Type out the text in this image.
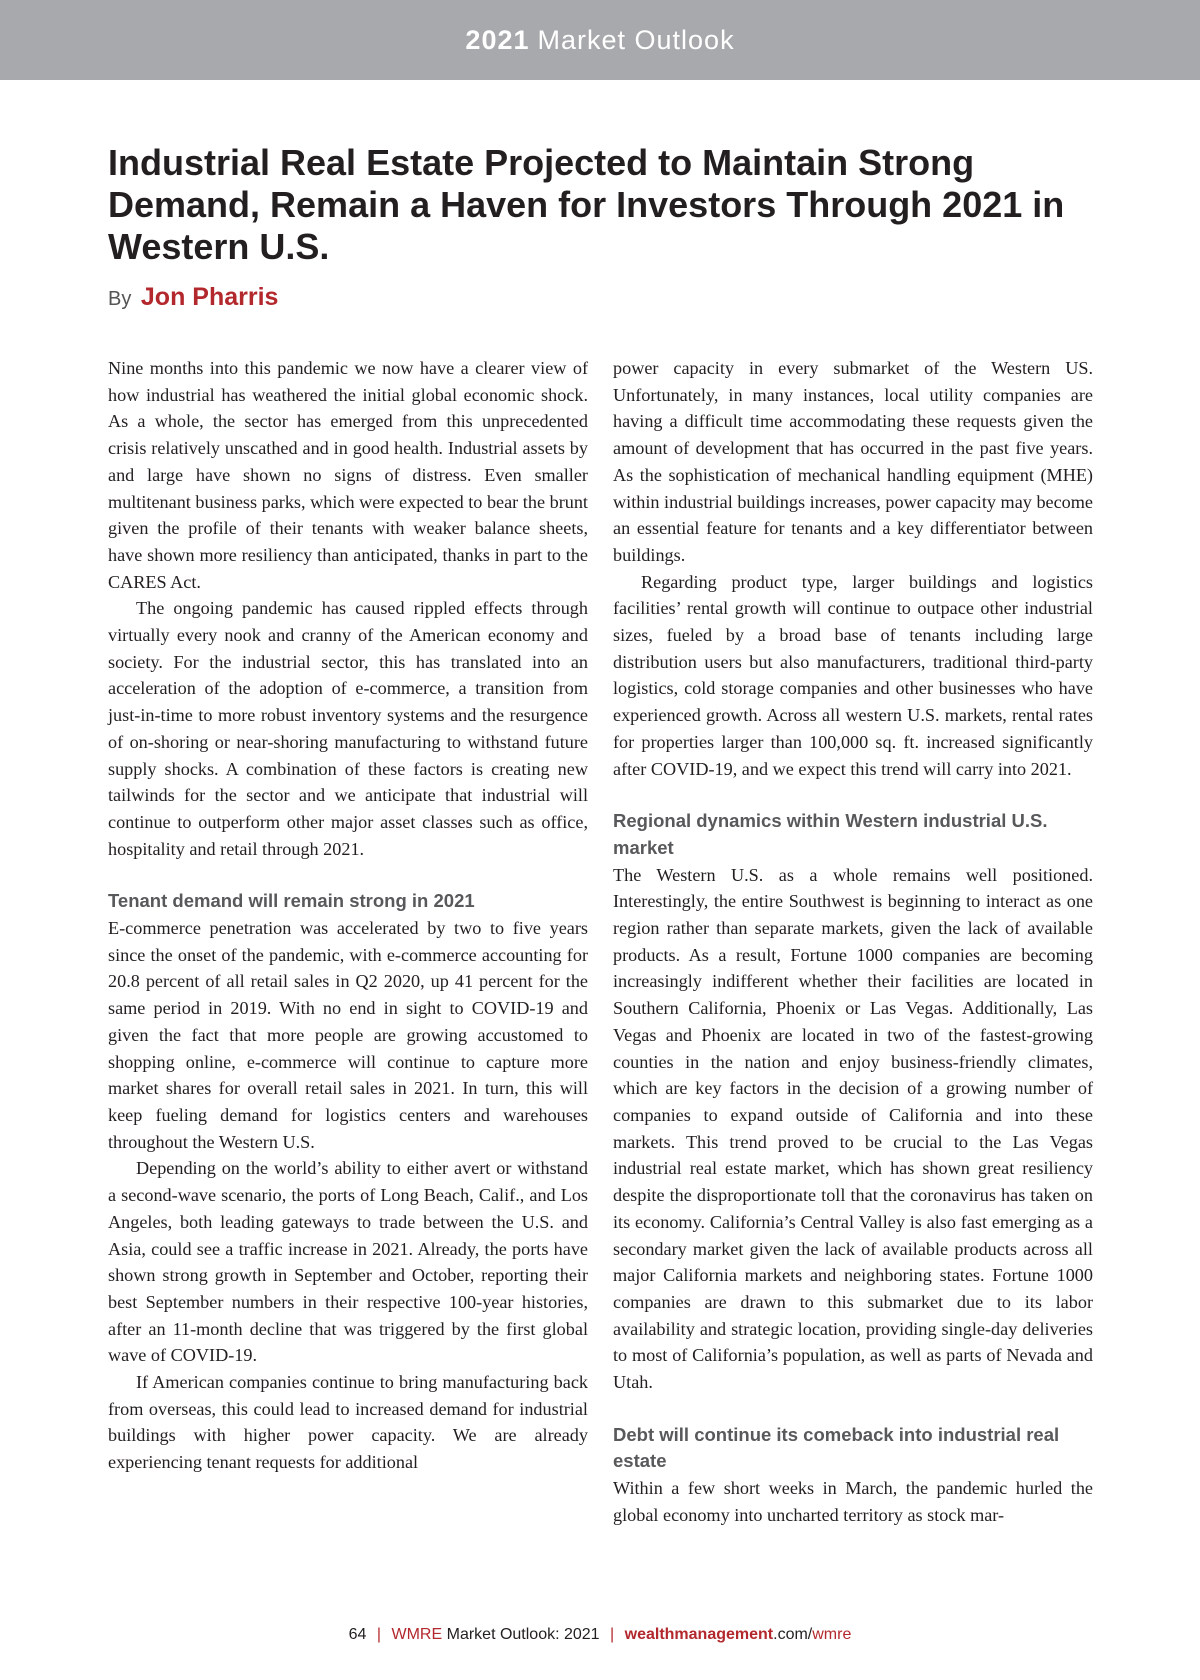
2021 Market Outlook
Industrial Real Estate Projected to Maintain Strong Demand, Remain a Haven for Investors Through 2021 in Western U.S.

By Jon Pharris

Nine months into this pandemic we now have a clearer view of how industrial has weathered the initial global economic shock. As a whole, the sector has emerged from this unprecedented crisis relatively unscathed and in good health. Industrial assets by and large have shown no signs of distress. Even smaller multitenant business parks, which were expected to bear the brunt given the profile of their tenants with weaker balance sheets, have shown more resiliency than anticipated, thanks in part to the CARES Act.

The ongoing pandemic has caused rippled effects through virtually every nook and cranny of the American economy and society. For the industrial sector, this has translated into an acceleration of the adoption of e-commerce, a transition from just-in-time to more robust inventory systems and the resurgence of on-shoring or near-shoring manufacturing to withstand future supply shocks. A combination of these factors is creating new tailwinds for the sector and we anticipate that industrial will continue to outperform other major asset classes such as office, hospitality and retail through 2021.

Tenant demand will remain strong in 2021

E-commerce penetration was accelerated by two to five years since the onset of the pandemic, with e-commerce accounting for 20.8 percent of all retail sales in Q2 2020, up 41 percent for the same period in 2019. With no end in sight to COVID-19 and given the fact that more people are growing accustomed to shopping online, e-commerce will continue to capture more market shares for overall retail sales in 2021. In turn, this will keep fueling demand for logistics centers and warehouses throughout the Western U.S.

Depending on the world’s ability to either avert or withstand a second-wave scenario, the ports of Long Beach, Calif., and Los Angeles, both leading gateways to trade between the U.S. and Asia, could see a traffic increase in 2021. Already, the ports have shown strong growth in September and October, reporting their best September numbers in their respective 100-year histories, after an 11-month decline that was triggered by the first global wave of COVID-19.

If American companies continue to bring manufacturing back from overseas, this could lead to increased demand for industrial buildings with higher power capacity. We are already experiencing tenant requests for additional

power capacity in every submarket of the Western US. Unfortunately, in many instances, local utility companies are having a difficult time accommodating these requests given the amount of development that has occurred in the past five years. As the sophistication of mechanical handling equipment (MHE) within industrial buildings increases, power capacity may become an essential feature for tenants and a key differentiator between buildings.

Regarding product type, larger buildings and logistics facilities’ rental growth will continue to outpace other industrial sizes, fueled by a broad base of tenants including large distribution users but also manufacturers, traditional third-party logistics, cold storage companies and other businesses who have experienced growth. Across all western U.S. markets, rental rates for properties larger than 100,000 sq. ft. increased significantly after COVID-19, and we expect this trend will carry into 2021.

Regional dynamics within Western industrial U.S. market

The Western U.S. as a whole remains well positioned. Interestingly, the entire Southwest is beginning to interact as one region rather than separate markets, given the lack of available products. As a result, Fortune 1000 companies are becoming increasingly indifferent whether their facilities are located in Southern California, Phoenix or Las Vegas. Additionally, Las Vegas and Phoenix are located in two of the fastest-growing counties in the nation and enjoy business-friendly climates, which are key factors in the decision of a growing number of companies to expand outside of California and into these markets. This trend proved to be crucial to the Las Vegas industrial real estate market, which has shown great resiliency despite the disproportionate toll that the coronavirus has taken on its economy. California’s Central Valley is also fast emerging as a secondary market given the lack of available products across all major California markets and neighboring states. Fortune 1000 companies are drawn to this submarket due to its labor availability and strategic location, providing single-day deliveries to most of California’s population, as well as parts of Nevada and Utah.

Debt will continue its comeback into industrial real estate

Within a few short weeks in March, the pandemic hurled the global economy into uncharted territory as stock mar-

64 | WMRE Market Outlook: 2021 | wealthmanagement.com/wmre
